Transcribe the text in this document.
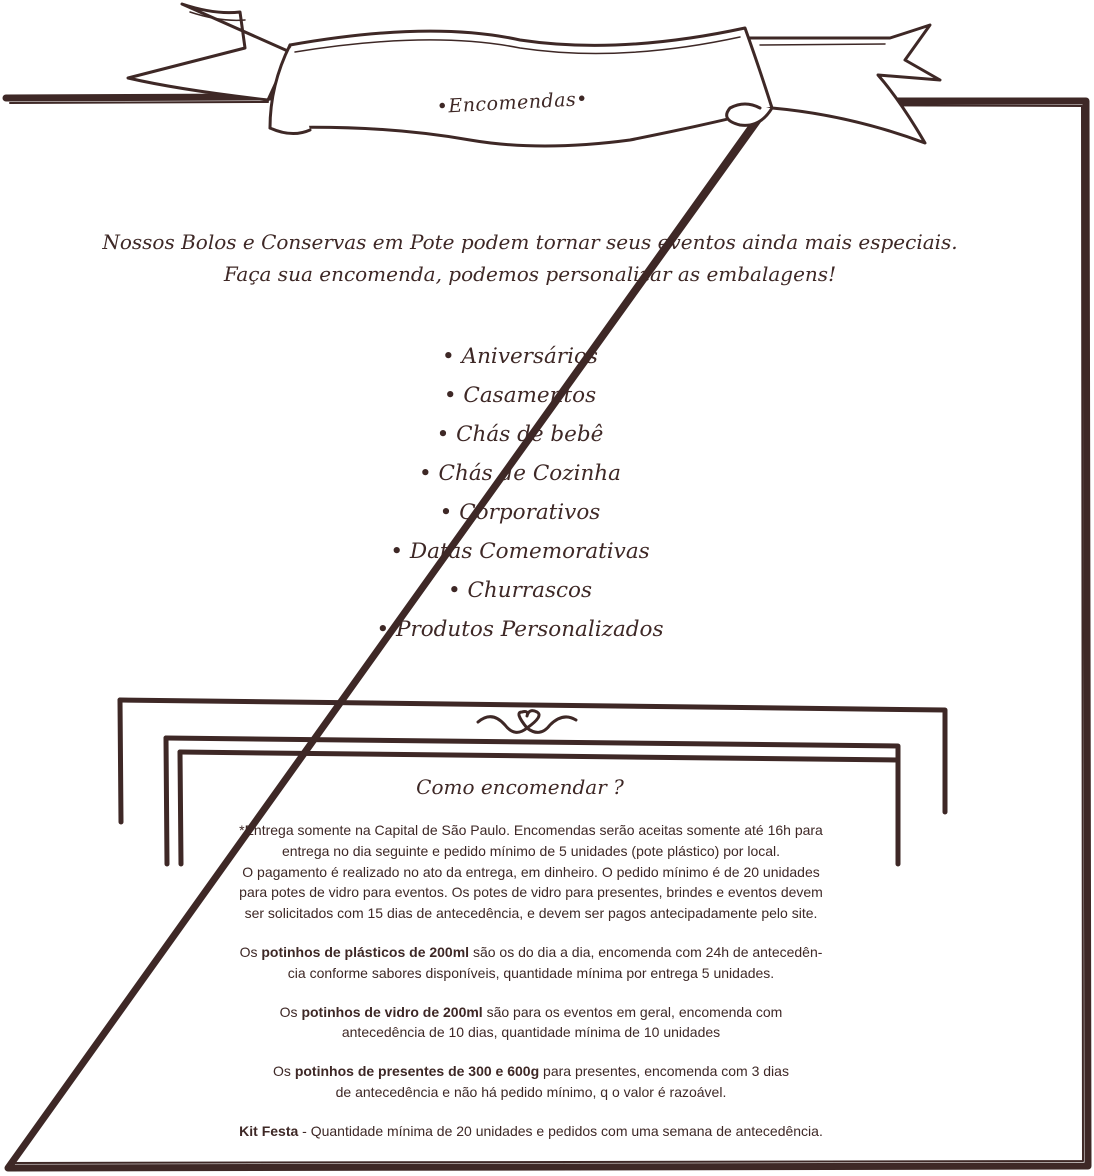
•Encomendas•
Nossos Bolos e Conservas em Pote podem tornar seus eventos ainda mais especiais.
Faça sua encomenda, podemos personalizar as embalagens!
• Aniversários
• Casamentos
• Chás de bebê
• Chás de Cozinha
• Corporativos
• Datas Comemorativas
• Churrascos
• Produtos Personalizados
Como encomendar ?

*Entrega somente na Capital de São Paulo. Encomendas serão aceitas somente até 16h para
entrega no dia seguinte e pedido mínimo de 5 unidades (pote plástico) por local.
O pagamento é realizado no ato da entrega, em dinheiro. O pedido mínimo é de 20 unidades
para potes de vidro para eventos. Os potes de vidro para presentes, brindes e eventos devem
ser solicitados com 15 dias de antecedência, e devem ser pagos antecipadamente pelo site.

Os potinhos de plásticos de 200ml são os do dia a dia, encomenda com 24h de antecedên-
cia conforme sabores disponíveis, quantidade mínima por entrega 5 unidades.

Os potinhos de vidro de 200ml são para os eventos em geral, encomenda com
antecedência de 10 dias, quantidade mínima de 10 unidades

Os potinhos de presentes de 300 e 600g para presentes, encomenda com 3 dias
de antecedência e não há pedido mínimo, q o valor é razoável.

Kit Festa - Quantidade mínima de 20 unidades e pedidos com uma semana de antecedência.
